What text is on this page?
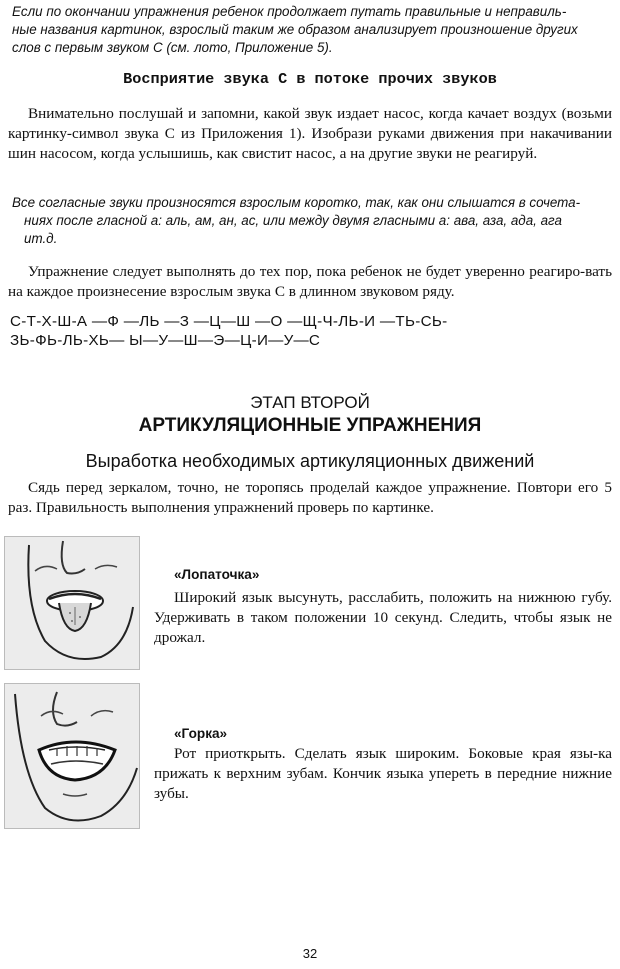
Если по окончании упражнения ребенок продолжает путать правильные и неправиль-
ные названия картинок, взрослый таким же образом анализирует произношение других
слов с первым звуком С (см. лото, Приложение 5).
Восприятие звука С в потоке прочих звуков

Внимательно послушай и запомни, какой звук издает насос, когда качает воздух (возьми картинку-символ звука С из Приложения 1). Изобрази руками движения при накачивании шин насосом, когда услышишь, как свистит насос, а на другие звуки не реагируй.

Все согласные звуки произносятся взрослым коротко, так, как они слышатся в сочета-
ниях после гласной а: аль, ам, ан, ас, или между двумя гласными а: ава, аза, ада, ага
ит.д.

Упражнение следует выполнять до тех пор, пока ребенок не будет уверенно реагиро-вать на каждое произнесение взрослым звука С в длинном звуковом ряду.

С-Т-Х-Ш-А —Ф —ЛЬ —З —Ц—Ш —О —Щ-Ч-ЛЬ-И —ТЬ-СЬ-
ЗЬ-ФЬ-ЛЬ-ХЬ— Ы—У—Ш—Э—Ц-И—У—С
ЭТАП ВТОРОЙ
АРТИКУЛЯЦИОННЫЕ УПРАЖНЕНИЯ
Выработка необходимых артикуляционных движений

Сядь перед зеркалом, точно, не торопясь проделай каждое упражнение. Повтори его 5 раз. Правильность выполнения упражнений проверь по картинке.

«Лопаточка»

Широкий язык высунуть, расслабить, положить на нижнюю губу. Удерживать в таком положении 10 секунд. Следить, чтобы язык не дрожал.

«Горка»

Рот приоткрыть. Сделать язык широким. Боковые края язы-ка прижать к верхним зубам. Кончик языка упереть в передние нижние зубы.

32
